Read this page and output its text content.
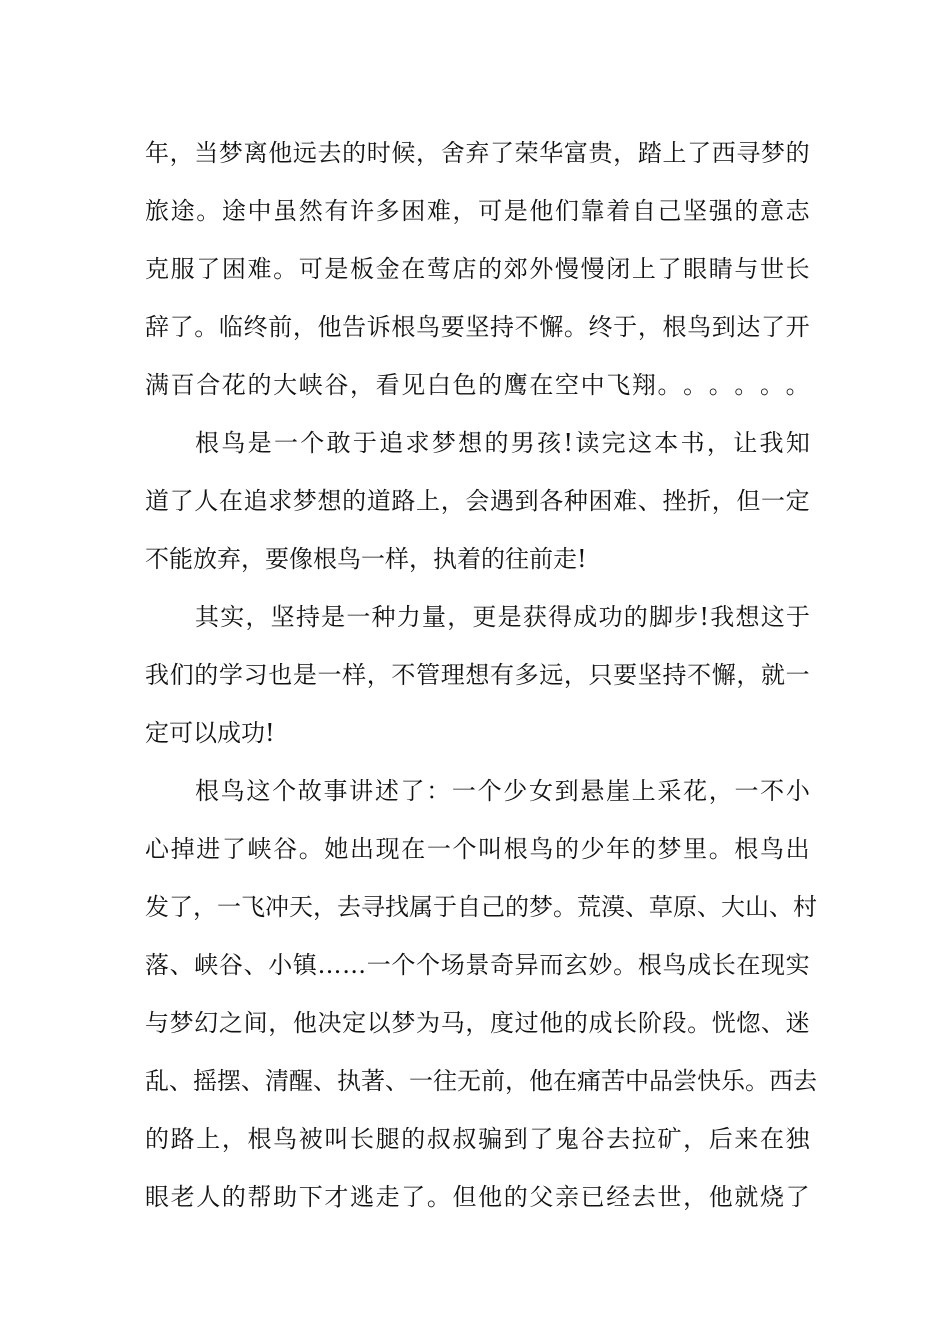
年 ， 当 梦 离 他 远 去 的 时 候 ， 舍 弃 了 荣 华 富 贵 ， 踏 上 了 西 寻 梦 的
旅 途 。 途 中 虽 然 有 许 多 困 难 ， 可 是 他 们 靠 着 自 己 坚 强 的 意 志
克 服 了 困 难 。 可 是 板 金 在 莺 店 的 郊 外 慢 慢 闭 上 了 眼 睛 与 世 长
辞 了 。 临 终 前 ， 他 告 诉 根 鸟 要 坚 持 不 懈 。 终 于 ， 根 鸟 到 达 了 开
满 百 合 花 的 大 峡 谷 ， 看 见 白 色 的 鹰 在 空 中 飞 翔 。 。 。 。 。 。
根 鸟 是 一 个 敢 于 追 求 梦 想 的 男 孩 ! 读 完 这 本 书 ， 让 我 知
道 了 人 在 追 求 梦 想 的 道 路 上 ， 会 遇 到 各 种 困 难 、 挫 折 ， 但 一 定
不 能 放 弃 ， 要 像 根 鸟 一 样 ， 执 着 的 往 前 走 !
其 实 ， 坚 持 是 一 种 力 量 ， 更 是 获 得 成 功 的 脚 步 ! 我 想 这 于
我 们 的 学 习 也 是 一 样 ， 不 管 理 想 有 多 远 ， 只 要 坚 持 不 懈 ， 就 一
定 可 以 成 功 !
根 鸟 这 个 故 事 讲 述 了 ： 一 个 少 女 到 悬 崖 上 采 花 ， 一 不 小
心 掉 进 了 峡 谷 。 她 出 现 在 一 个 叫 根 鸟 的 少 年 的 梦 里 。 根 鸟 出
发 了 ， 一 飞 冲 天 ， 去 寻 找 属 于 自 己 的 梦 。 荒 漠 、 草 原 、 大 山 、 村
落 、 峡 谷 、 小 镇 … … 一 个 个 场 景 奇 异 而 玄 妙 。 根 鸟 成 长 在 现 实
与 梦 幻 之 间 ， 他 决 定 以 梦 为 马 ， 度 过 他 的 成 长 阶 段 。 恍 惚 、 迷
乱 、 摇 摆 、 清 醒 、 执 著 、 一 往 无 前 ， 他 在 痛 苦 中 品 尝 快 乐 。 西 去
的 路 上 ， 根 鸟 被 叫 长 腿 的 叔 叔 骗 到 了 鬼 谷 去 拉 矿 ， 后 来 在 独
眼 老 人 的 帮 助 下 才 逃 走 了 。 但 他 的 父 亲 已 经 去 世 ， 他 就 烧 了
